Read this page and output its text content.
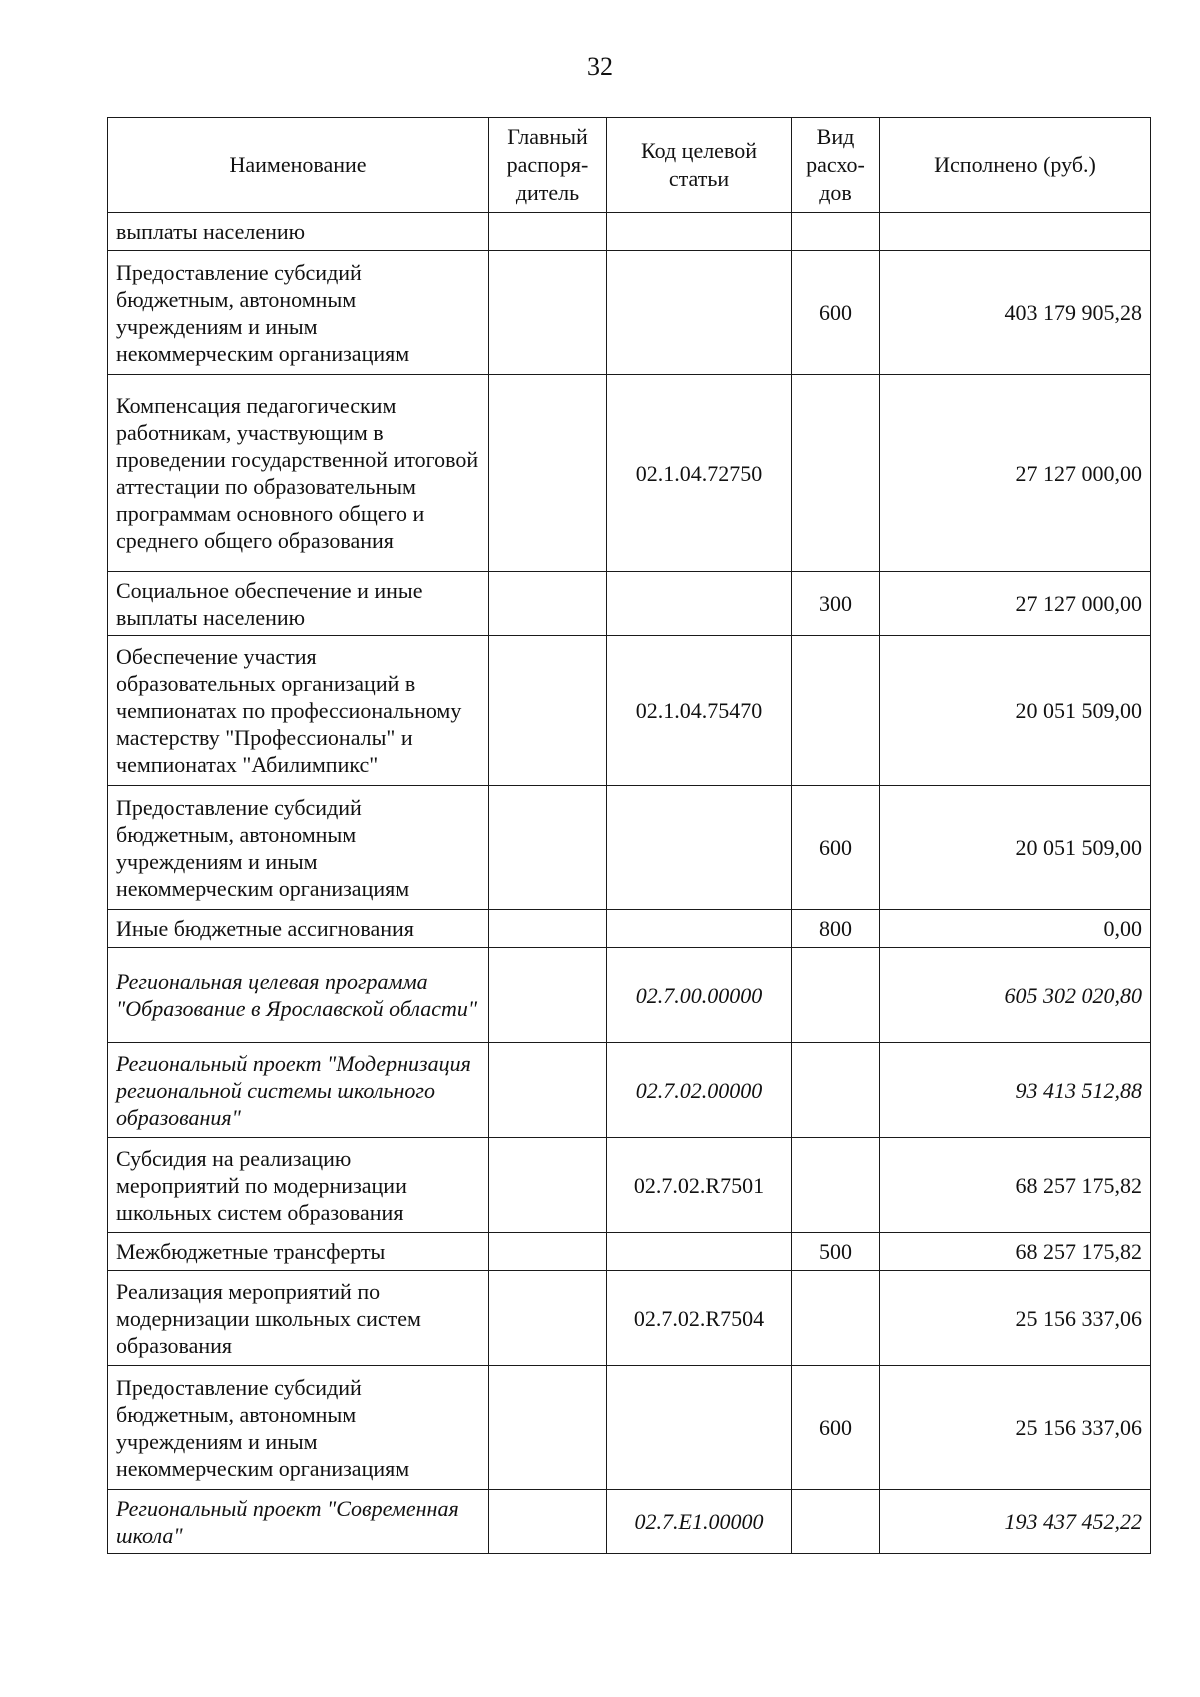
32
Наименование	Главный распоря-дитель	Код целевой статьи	Вид расхо-дов	Исполнено (руб.)
выплаты населению				
Предоставление субсидий бюджетным, автономным учреждениям и иным некоммерческим организациям			600	403 179 905,28
Компенсация педагогическим работникам, участвующим в проведении государственной итоговой аттестации по образовательным программам основного общего и среднего общего образования		02.1.04.72750		27 127 000,00
Социальное обеспечение и иные выплаты населению			300	27 127 000,00
Обеспечение участия образовательных организаций в чемпионатах по профессиональному мастерству "Профессионалы" и чемпионатах "Абилимпикс"		02.1.04.75470		20 051 509,00
Предоставление субсидий бюджетным, автономным учреждениям и иным некоммерческим организациям			600	20 051 509,00
Иные бюджетные ассигнования			800	0,00
Региональная целевая программа "Образование в Ярославской области"		02.7.00.00000		605 302 020,80
Региональный проект "Модернизация региональной системы школьного образования"		02.7.02.00000		93 413 512,88
Субсидия на реализацию мероприятий по модернизации школьных систем образования		02.7.02.R7501		68 257 175,82
Межбюджетные трансферты			500	68 257 175,82
Реализация мероприятий по модернизации школьных систем образования		02.7.02.R7504		25 156 337,06
Предоставление субсидий бюджетным, автономным учреждениям и иным некоммерческим организациям			600	25 156 337,06
Региональный проект "Современная школа"		02.7.E1.00000		193 437 452,22
